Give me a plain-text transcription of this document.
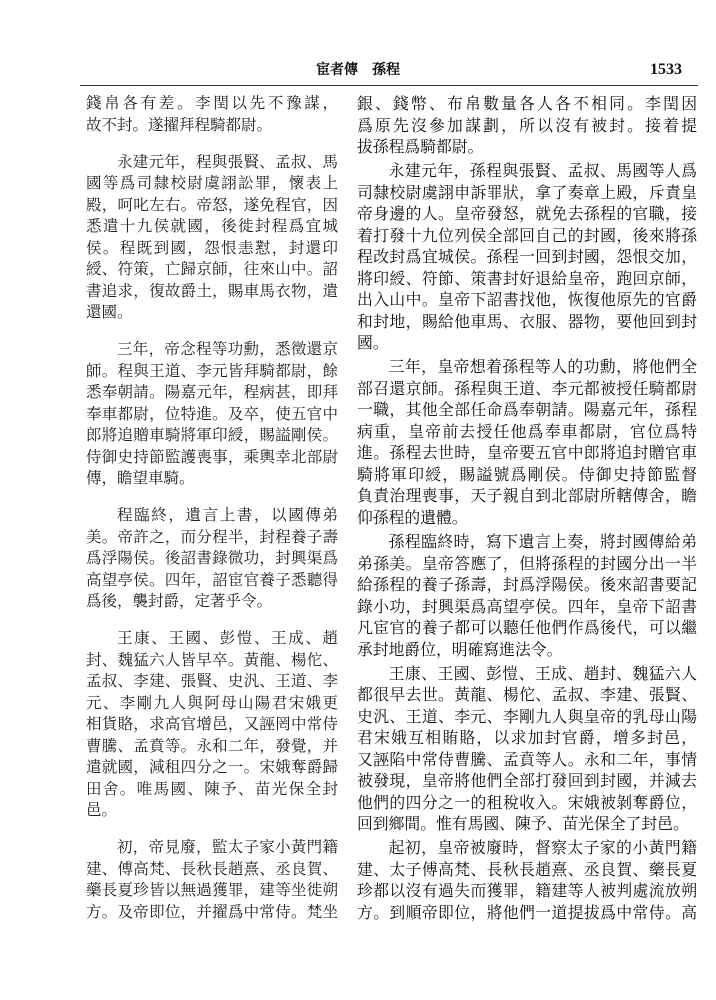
宦者傳 孫程	1533
錢帛各有差。李閏以先不豫謀，
故不封。遂擢拜程騎都尉。
永建元年，程與張賢、孟叔、馬
國等爲司隸校尉虞詡訟罪，懷表上
殿，呵叱左右。帝怒，遂免程官，因
悉遣十九侯就國，後徙封程爲宜城
侯。程既到國，怨恨恚懟，封還印
綬、符策，亡歸京師，往來山中。詔
書追求，復故爵土，賜車馬衣物，遣
還國。
三年，帝念程等功勳，悉徵還京
師。程與王道、李元皆拜騎都尉，餘
悉奉朝請。陽嘉元年，程病甚，即拜
奉車都尉，位特進。及卒，使五官中
郎將追贈車騎將軍印綬，賜謚剛侯。
侍御史持節監護喪事，乘輿幸北部尉
傳，瞻望車騎。
程臨終，遺言上書，以國傳弟
美。帝許之，而分程半，封程養子壽
爲浮陽侯。後詔書錄微功，封興渠爲
高望亭侯。四年，詔宦官養子悉聽得
爲後，襲封爵，定著乎令。
王康、王國、彭愷、王成、趙
封、魏猛六人皆早卒。黃龍、楊佗、
孟叔、李建、張賢、史汎、王道、李
元、李剛九人與阿母山陽君宋娥更
相貨賂，求高官增邑，又誣罔中常侍
曹騰、孟賁等。永和二年，發覺，并
遣就國，減租四分之一。宋娥奪爵歸
田舍。唯馬國、陳予、苗光保全封
邑。
初，帝見廢，監太子家小黃門籍
建、傅高梵、長秋長趙熹、丞良賀、
藥長夏珍皆以無過獲罪，建等坐徙朔
方。及帝即位，并擢爲中常侍。梵坐
銀、錢幣、布帛數量各人各不相同。李閏因
爲原先沒參加謀劃，所以沒有被封。接着提
拔孫程爲騎都尉。
永建元年，孫程與張賢、孟叔、馬國等人爲
司隸校尉虞詡申訴罪狀，拿了奏章上殿，斥責皇
帝身邊的人。皇帝發怒，就免去孫程的官職，接
着打發十九位列侯全部回自己的封國，後來將孫
程改封爲宜城侯。孫程一回到封國，怨恨交加，
將印綬、符節、策書封好退給皇帝，跑回京師，
出入山中。皇帝下詔書找他，恢復他原先的官爵
和封地，賜給他車馬、衣服、器物，要他回到封
國。
三年，皇帝想着孫程等人的功勳，將他們全
部召還京師。孫程與王道、李元都被授任騎都尉
一職，其他全部任命爲奉朝請。陽嘉元年，孫程
病重，皇帝前去授任他爲奉車都尉，官位爲特
進。孫程去世時，皇帝要五官中郎將追封贈官車
騎將軍印綬，賜謚號爲剛侯。侍御史持節監督
負責治理喪事，天子親自到北部尉所轄傳舍，瞻
仰孫程的遺體。
孫程臨終時，寫下遺言上奏，將封國傳給弟
弟孫美。皇帝答應了，但將孫程的封國分出一半
給孫程的養子孫壽，封爲浮陽侯。後來詔書要記
錄小功，封興渠爲高望亭侯。四年，皇帝下詔書
凡宦官的養子都可以聽任他們作爲後代，可以繼
承封地爵位，明確寫進法令。
王康、王國、彭愷、王成、趙封、魏猛六人
都很早去世。黃龍、楊佗、孟叔、李建、張賢、
史汎、王道、李元、李剛九人與皇帝的乳母山陽
君宋娥互相賄賂，以求加封官爵，增多封邑，
又誣陷中常侍曹騰、孟賁等人。永和二年，事情
被發現，皇帝將他們全部打發回到封國，并減去
他們的四分之一的租稅收入。宋娥被剝奪爵位，
回到鄉間。惟有馬國、陳予、苗光保全了封邑。
起初，皇帝被廢時，督察太子家的小黃門籍
建、太子傅高梵、長秋長趙熹、丞良賀、藥長夏
珍都以沒有過失而獲罪，籍建等人被判處流放朔
方。到順帝即位，將他們一道提拔爲中常侍。高
